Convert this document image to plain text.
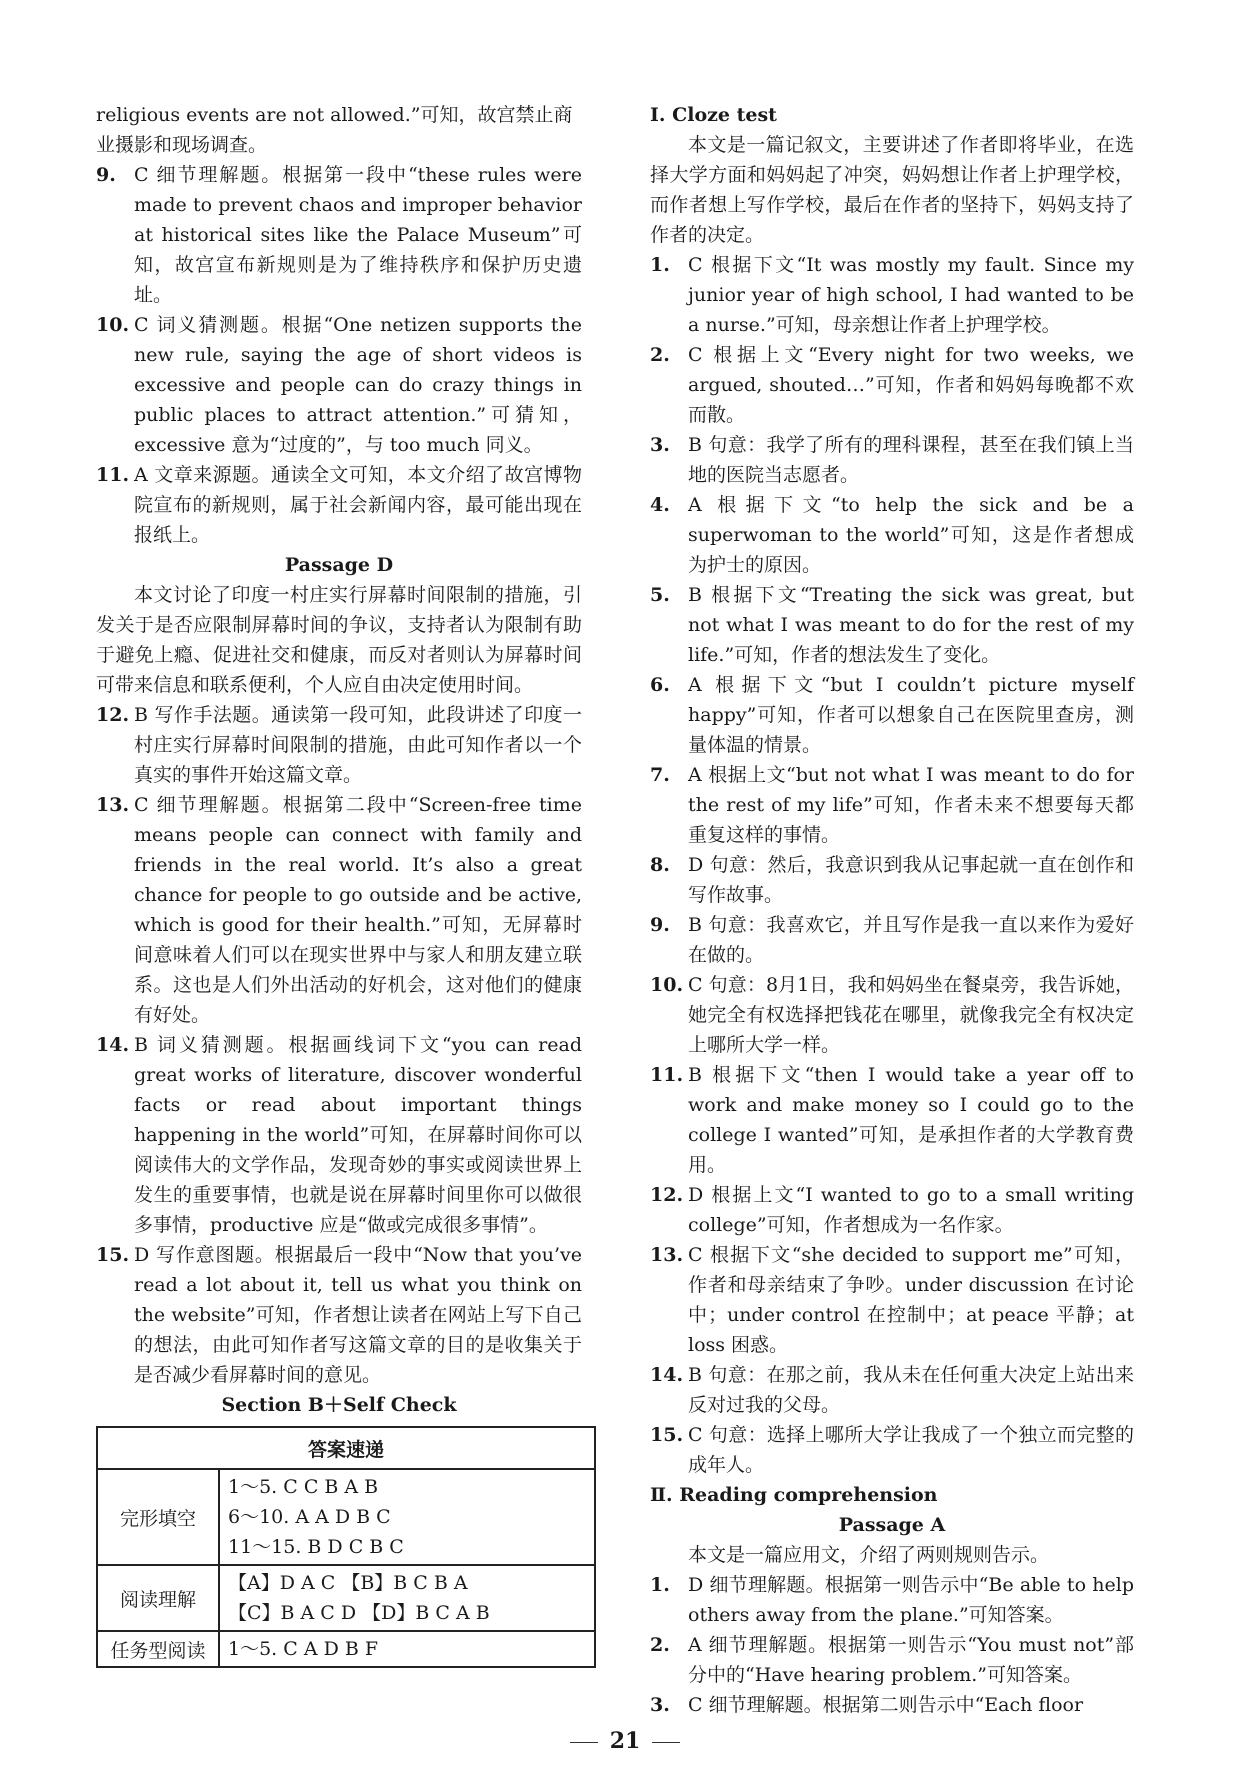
religious events are not allowed.”可知，故宫禁止商

业摄影和现场调查。

9. C 细节理解题。根据第一段中“these rules were made to prevent chaos and improper behavior at historical sites like the Palace Museum”可知，故宫宣布新规则是为了维持秩序和保护历史遗址。
10. C 词义猜测题。根据“One netizen supports the new rule, saying the age of short videos is excessive and people can do crazy things in public places to attract attention.”可猜知，excessive 意为“过度的”，与 too much 同义。
11. A 文章来源题。通读全文可知，本文介绍了故宫博物院宣布的新规则，属于社会新闻内容，最可能出现在报纸上。

Passage D

本文讨论了印度一村庄实行屏幕时间限制的措施，引发关于是否应限制屏幕时间的争议，支持者认为限制有助于避免上瘾、促进社交和健康，而反对者则认为屏幕时间可带来信息和联系便利，个人应自由决定使用时间。

12. B 写作手法题。通读第一段可知，此段讲述了印度一村庄实行屏幕时间限制的措施，由此可知作者以一个真实的事件开始这篇文章。
13. C 细节理解题。根据第二段中“Screen-free time means people can connect with family and friends in the real world. It’s also a great chance for people to go outside and be active, which is good for their health.”可知，无屏幕时间意味着人们可以在现实世界中与家人和朋友建立联系。这也是人们外出活动的好机会，这对他们的健康有好处。
14. B 词义猜测题。根据画线词下文“you can read great works of literature, discover wonderful facts or read about important things happening in the world”可知，在屏幕时间你可以阅读伟大的文学作品，发现奇妙的事实或阅读世界上发生的重要事情，也就是说在屏幕时间里你可以做很多事情，productive 应是“做或完成很多事情”。
15. D 写作意图题。根据最后一段中“Now that you’ve read a lot about it, tell us what you think on the website”可知，作者想让读者在网站上写下自己的想法，由此可知作者写这篇文章的目的是收集关于是否减少看屏幕时间的意见。

Section B＋Self Check

答案速递	
完形填空	1～5. C C B A B
6～10. A A D B C
11～15. B D C B C

阅读理解	【A】D A C 【B】B C B A
【C】B A C D 【D】B C A B

任务型阅读	1～5. C A D B F

Ⅰ. Cloze test

本文是一篇记叙文，主要讲述了作者即将毕业，在选择大学方面和妈妈起了冲突，妈妈想让作者上护理学校，而作者想上写作学校，最后在作者的坚持下，妈妈支持了作者的决定。

1. C 根据下文“It was mostly my fault. Since my junior year of high school, I had wanted to be a nurse.”可知，母亲想让作者上护理学校。
2. C 根据上文“Every night for two weeks, we argued, shouted…”可知，作者和妈妈每晚都不欢而散。
3. B 句意：我学了所有的理科课程，甚至在我们镇上当地的医院当志愿者。
4. A 根据下文“to help the sick and be a superwoman to the world”可知，这是作者想成为护士的原因。
5. B 根据下文“Treating the sick was great, but not what I was meant to do for the rest of my life.”可知，作者的想法发生了变化。
6. A 根据下文“but I couldn’t picture myself happy”可知，作者可以想象自己在医院里查房，测量体温的情景。
7. A 根据上文“but not what I was meant to do for the rest of my life”可知，作者未来不想要每天都重复这样的事情。
8. D 句意：然后，我意识到我从记事起就一直在创作和写作故事。
9. B 句意：我喜欢它，并且写作是我一直以来作为爱好在做的。
10. C 句意：8月1日，我和妈妈坐在餐桌旁，我告诉她，她完全有权选择把钱花在哪里，就像我完全有权决定上哪所大学一样。
11. B 根据下文“then I would take a year off to work and make money so I could go to the college I wanted”可知，是承担作者的大学教育费用。
12. D 根据上文“I wanted to go to a small writing college”可知，作者想成为一名作家。
13. C 根据下文“she decided to support me”可知，作者和母亲结束了争吵。under discussion 在讨论中；under control 在控制中；at peace 平静；at loss 困惑。
14. B 句意：在那之前，我从未在任何重大决定上站出来反对过我的父母。
15. C 句意：选择上哪所大学让我成了一个独立而完整的成年人。

Ⅱ. Reading comprehension

Passage A

本文是一篇应用文，介绍了两则规则告示。

1. D 细节理解题。根据第一则告示中“Be able to help others away from the plane.”可知答案。
2. A 细节理解题。根据第一则告示“You must not”部分中的“Have hearing problem.”可知答案。
3. C 细节理解题。根据第二则告示中“Each floor
21
